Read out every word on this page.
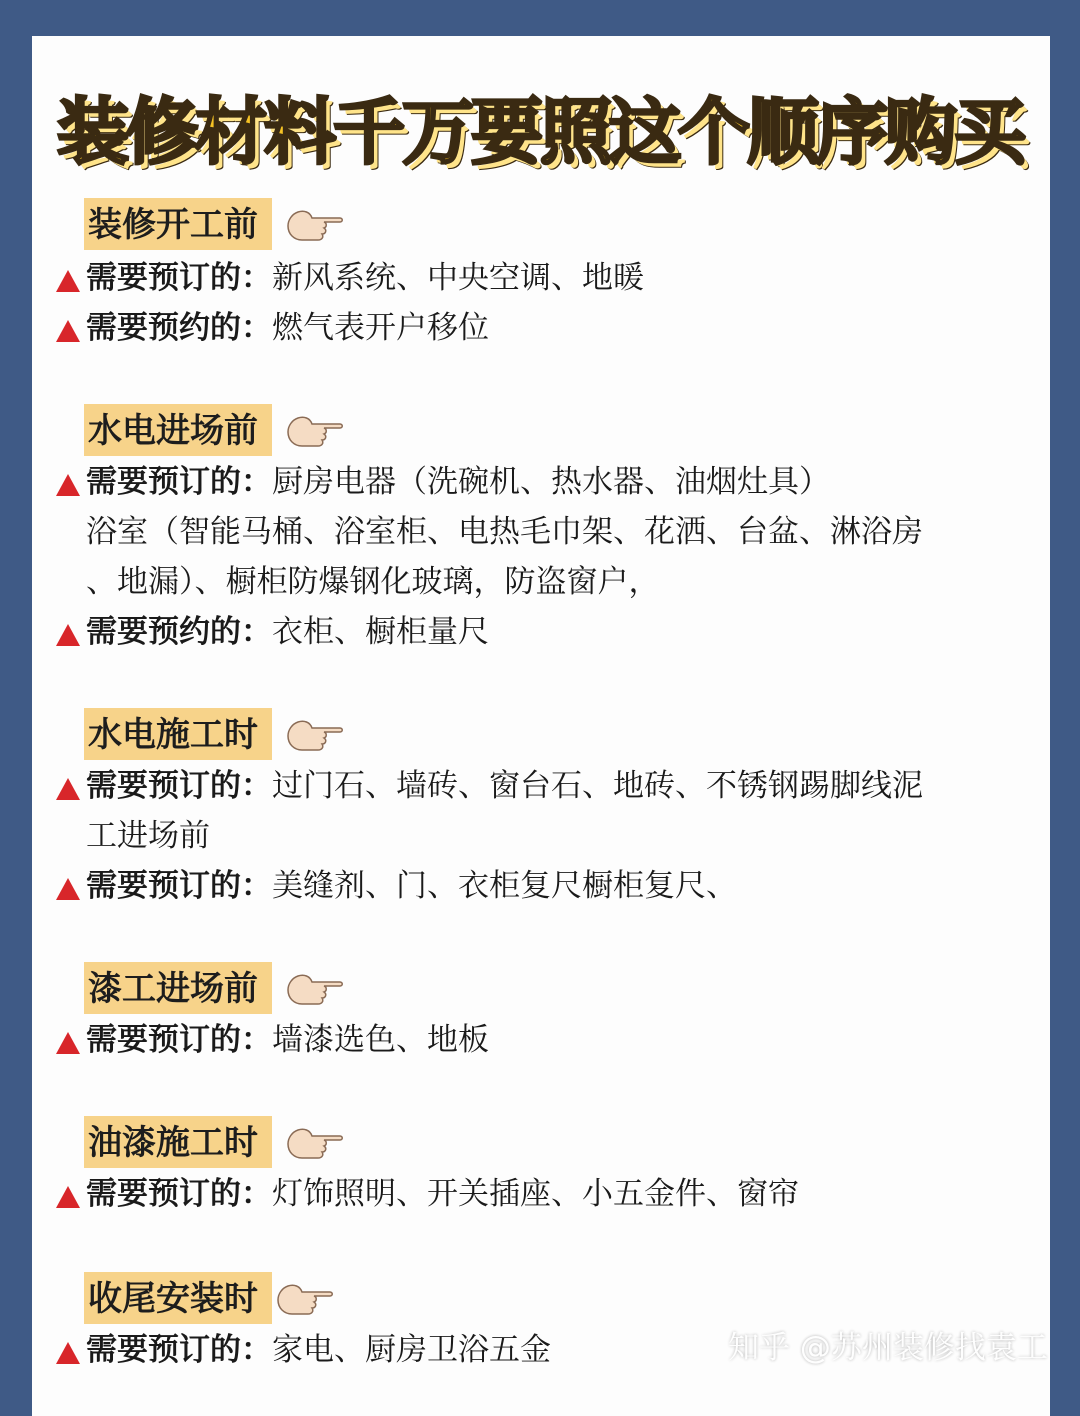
装修材料千万要照这个顺序购买
装修开工前
需要预订的：新风系统、中央空调、地暖
需要预约的：燃气表开户移位
水电进场前
需要预订的：厨房电器（洗碗机、热水器、油烟灶具）
浴室（智能马桶、浴室柜、电热毛巾架、花洒、台盆、淋浴房
、地漏）、橱柜防爆钢化玻璃，防盗窗户，
需要预约的：衣柜、橱柜量尺
水电施工时
需要预订的：过门石、墙砖、窗台石、地砖、不锈钢踢脚线泥
工进场前
需要预订的：美缝剂、门、衣柜复尺橱柜复尺、
漆工进场前
需要预订的：墙漆选色、地板
油漆施工时
需要预订的：灯饰照明、开关插座、小五金件、窗帘
收尾安装时
需要预订的：家电、厨房卫浴五金	知乎 @苏州装修找袁工
